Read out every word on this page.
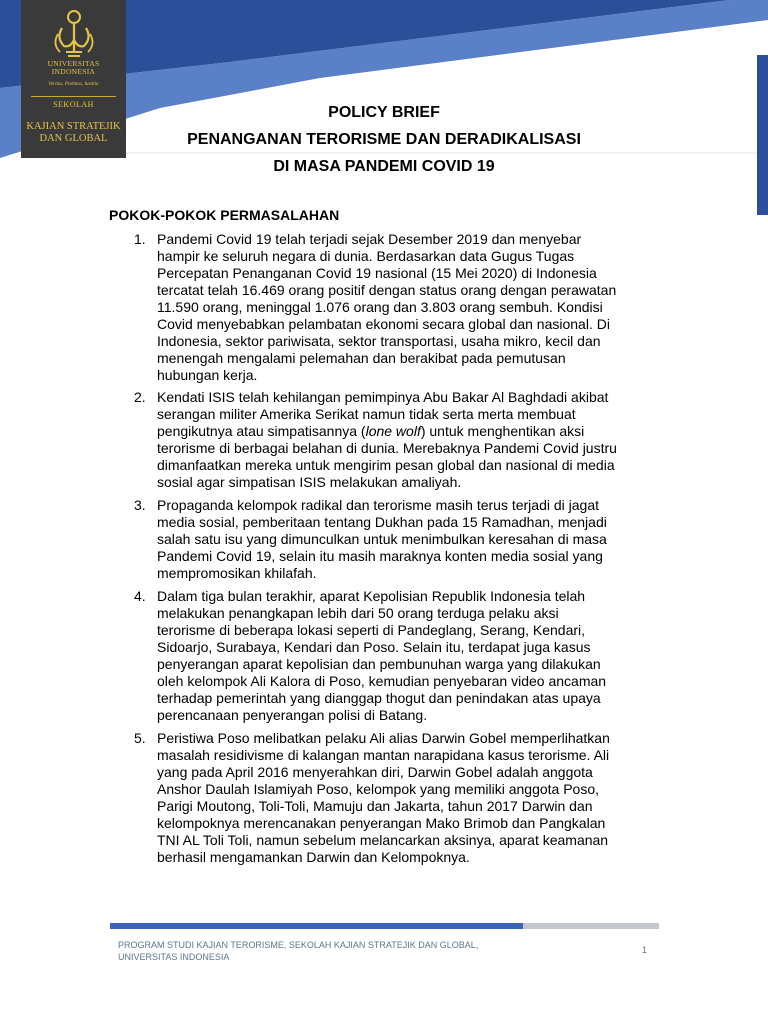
UNIVERSITAS
INDONESIA
Veritas, Probitas, Iustitia
SEKOLAH
KAJIAN STRATEJIK
DAN GLOBAL
POLICY BRIEF
PENANGANAN TERORISME DAN DERADIKALISASI
DI MASA PANDEMI COVID 19
POKOK-POKOK PERMASALAHAN
1. Pandemi Covid 19 telah terjadi sejak Desember 2019 dan menyebar
hampir ke seluruh negara di dunia. Berdasarkan data Gugus Tugas
Percepatan Penanganan Covid 19 nasional (15 Mei 2020) di Indonesia
tercatat telah 16.469 orang positif dengan status orang dengan perawatan
11.590 orang, meninggal 1.076 orang dan 3.803 orang sembuh. Kondisi
Covid menyebabkan pelambatan ekonomi secara global dan nasional. Di
Indonesia, sektor pariwisata, sektor transportasi, usaha mikro, kecil dan
menengah mengalami pelemahan dan berakibat pada pemutusan
hubungan kerja.
2. Kendati ISIS telah kehilangan pemimpinya Abu Bakar Al Baghdadi akibat
serangan militer Amerika Serikat namun tidak serta merta membuat
pengikutnya atau simpatisannya (lone wolf) untuk menghentikan aksi
terorisme di berbagai belahan di dunia. Merebaknya Pandemi Covid justru
dimanfaatkan mereka untuk mengirim pesan global dan nasional di media
sosial agar simpatisan ISIS melakukan amaliyah.
3. Propaganda kelompok radikal dan terorisme masih terus terjadi di jagat
media sosial, pemberitaan tentang Dukhan pada 15 Ramadhan, menjadi
salah satu isu yang dimunculkan untuk menimbulkan keresahan di masa
Pandemi Covid 19, selain itu masih maraknya konten media sosial yang
mempromosikan khilafah.
4. Dalam tiga bulan terakhir, aparat Kepolisian Republik Indonesia telah
melakukan penangkapan lebih dari 50 orang terduga pelaku aksi
terorisme di beberapa lokasi seperti di Pandeglang, Serang, Kendari,
Sidoarjo, Surabaya, Kendari dan Poso. Selain itu, terdapat juga kasus
penyerangan aparat kepolisian dan pembunuhan warga yang dilakukan
oleh kelompok Ali Kalora di Poso, kemudian penyebaran video ancaman
terhadap pemerintah yang dianggap thogut dan penindakan atas upaya
perencanaan penyerangan polisi di Batang.
5. Peristiwa Poso melibatkan pelaku Ali alias Darwin Gobel memperlihatkan
masalah residivisme di kalangan mantan narapidana kasus terorisme. Ali
yang pada April 2016 menyerahkan diri, Darwin Gobel adalah anggota
Anshor Daulah Islamiyah Poso, kelompok yang memiliki anggota Poso,
Parigi Moutong, Toli-Toli, Mamuju dan Jakarta, tahun 2017 Darwin dan
kelompoknya merencanakan penyerangan Mako Brimob dan Pangkalan
TNI AL Toli Toli, namun sebelum melancarkan aksinya, aparat keamanan
berhasil mengamankan Darwin dan Kelompoknya.
PROGRAM STUDI KAJIAN TERORISME, SEKOLAH KAJIAN STRATEJIK DAN GLOBAL,
UNIVERSITAS INDONESIA
1
